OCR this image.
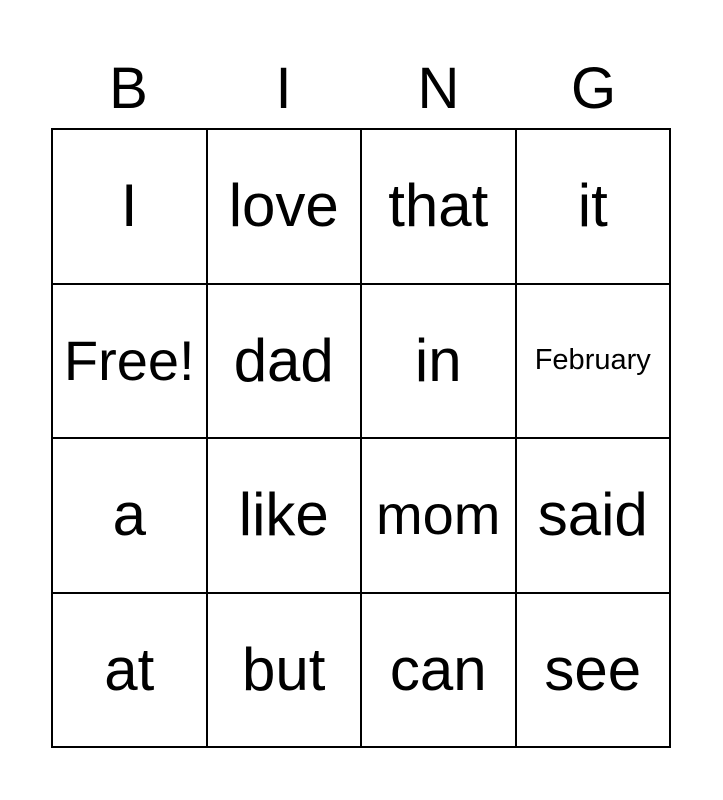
B	I	N	G
I love that it
Free! dad in	February
a like mom said
at but can see
